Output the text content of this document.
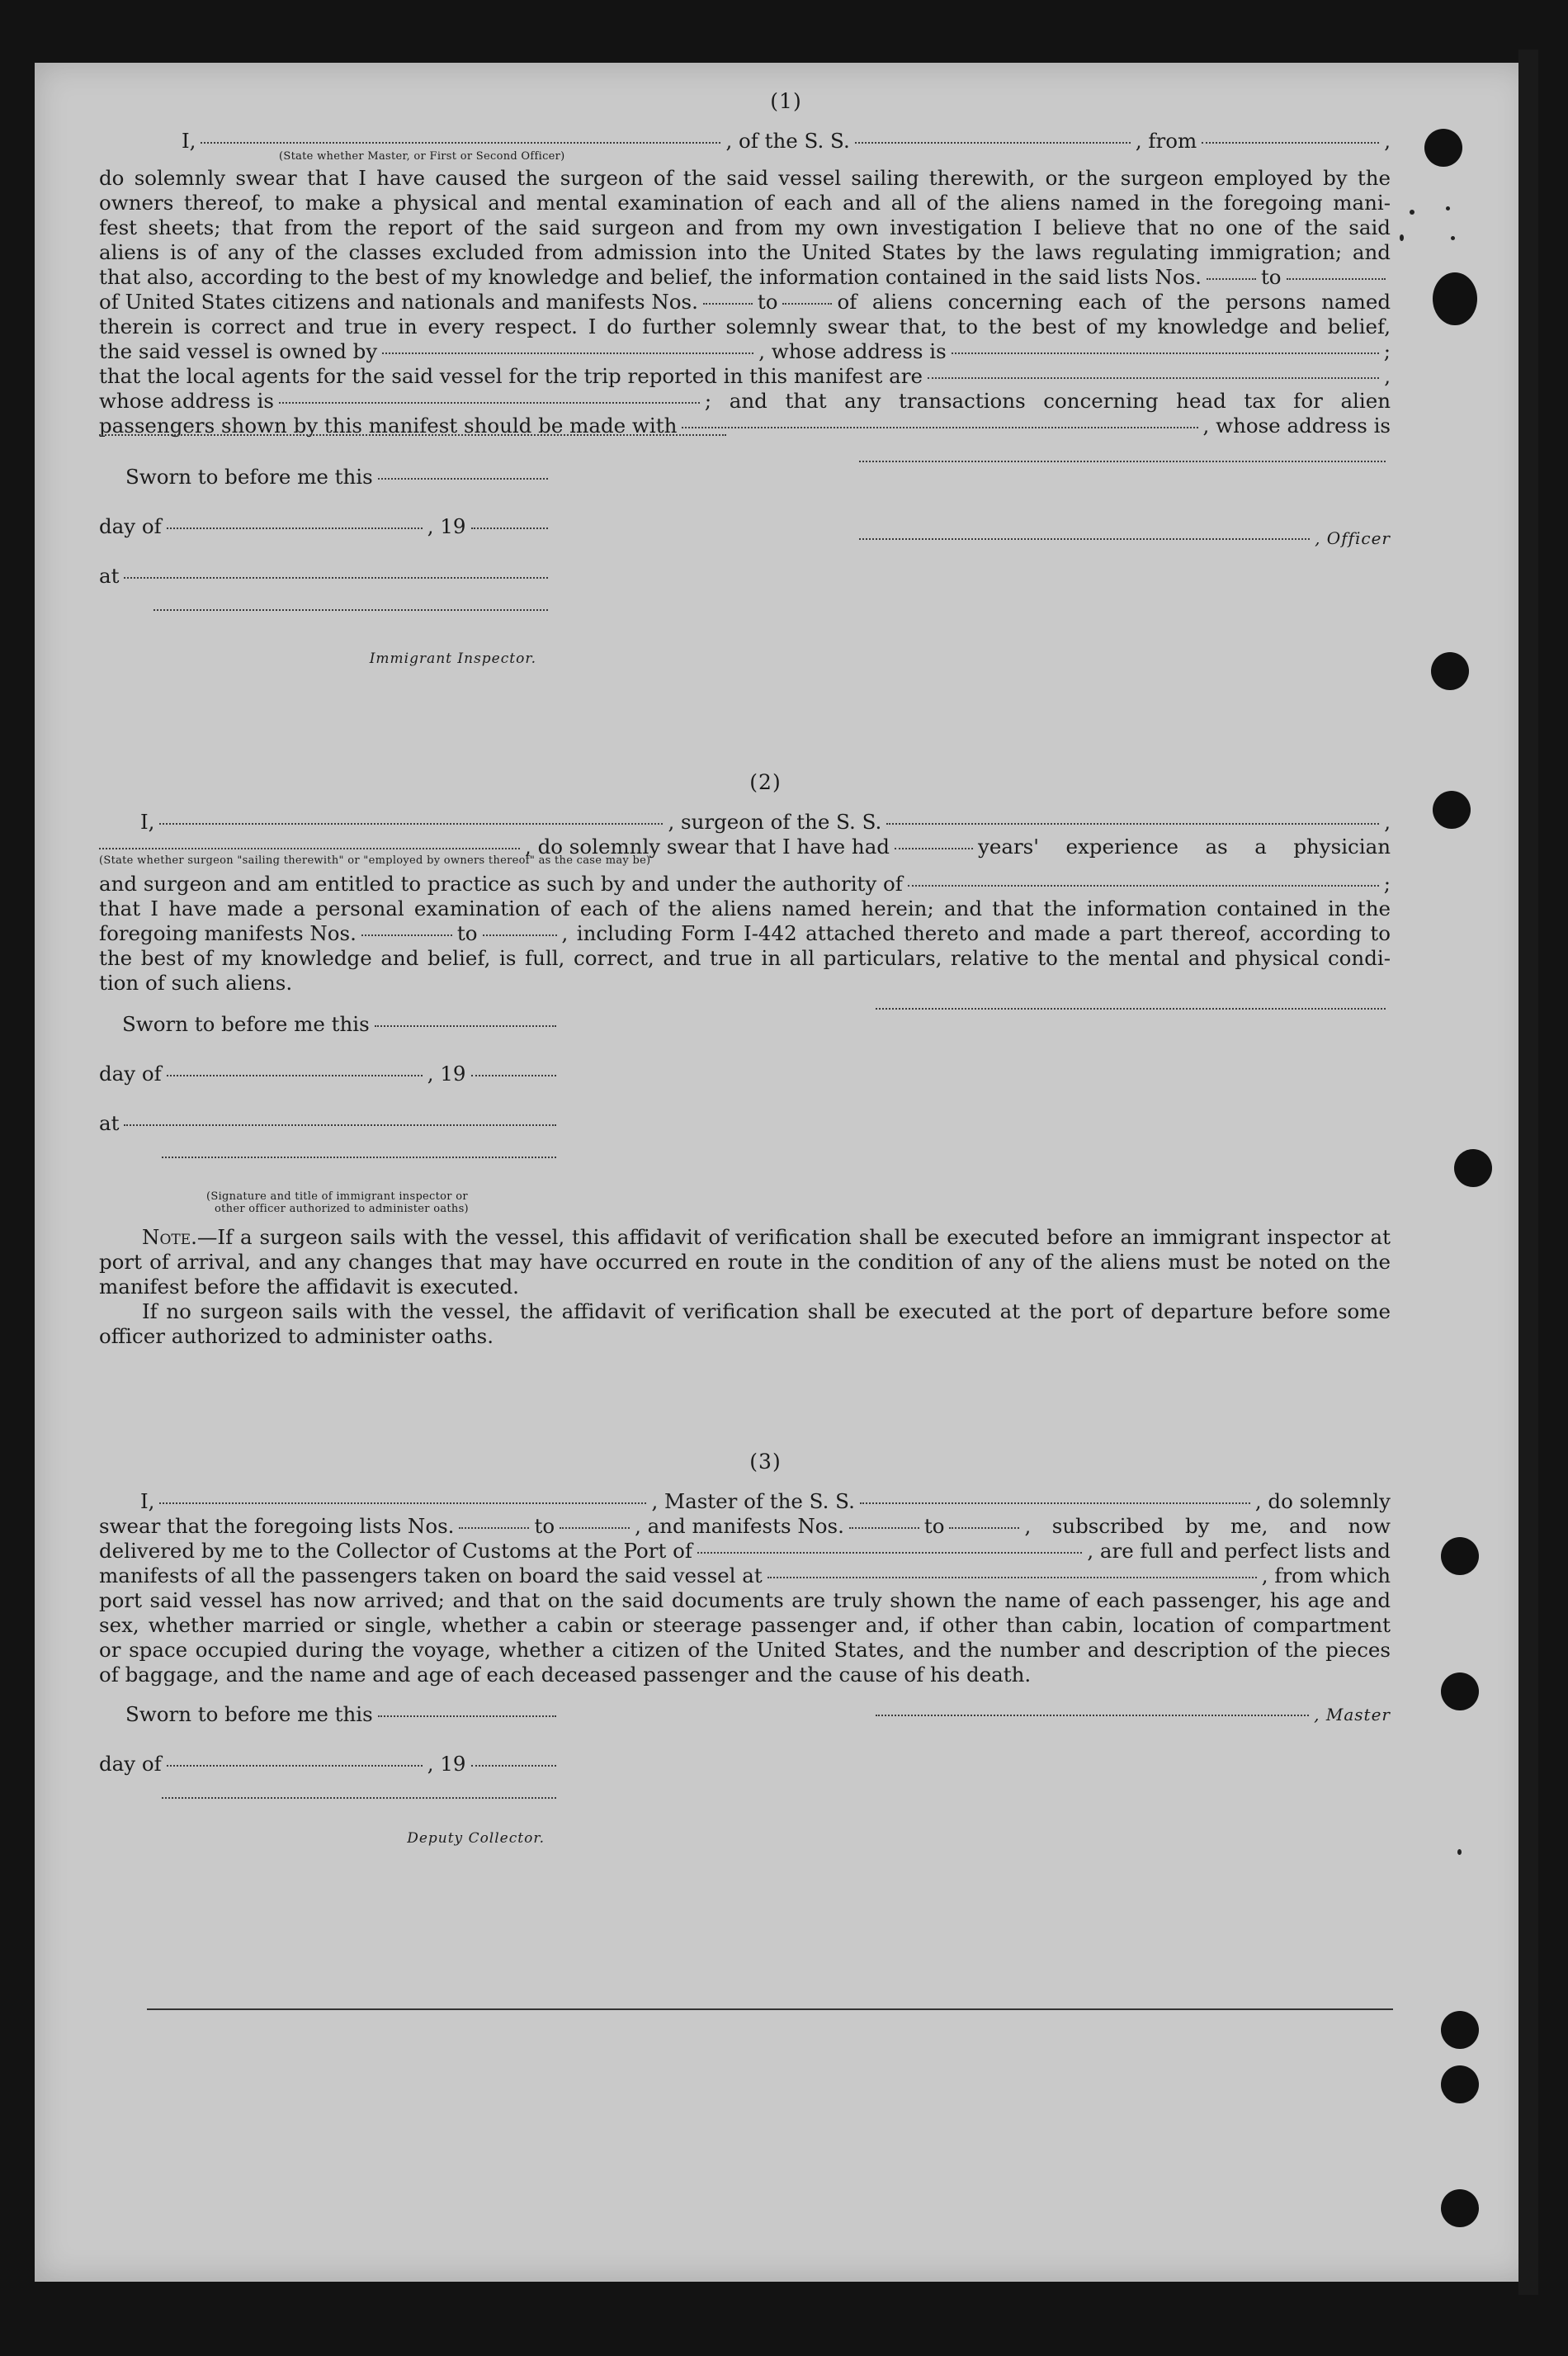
(1)
I,	, of the S. S.	, from	,
(State whether Master, or First or Second Officer)
do solemnly swear that I have caused the surgeon of the said vessel sailing therewith, or the surgeon employed by the
owners thereof, to make a physical and mental examination of each and all of the aliens named in the foregoing mani-
fest sheets; that from the report of the said surgeon and from my own investigation I believe that no one of the said
aliens is of any of the classes excluded from admission into the United States by the laws regulating immigration; and
that also, according to the best of my knowledge and belief, the information contained in the said lists Nos.	to
of United States citizens and nationals and manifests Nos.	to	of aliens concerning each of the persons named
therein is correct and true in every respect. I do further solemnly swear that, to the best of my knowledge and belief,
the said vessel is owned by	, whose address is	;
that the local agents for the said vessel for the trip reported in this manifest are	,
whose address is	; and that any transactions concerning head tax for alien
passengers shown by this manifest should be made with	, whose address is
Sworn to before me this
day of	, 19
at
Immigrant Inspector.
, Officer
(2)
I,	, surgeon of the S. S.	,
, do solemnly swear that I have had	years' experience as a physician
(State whether surgeon "sailing therewith" or "employed by owners thereof" as the case may be)
and surgeon and am entitled to practice as such by and under the authority of	;
that I have made a personal examination of each of the aliens named herein; and that the information contained in the
foregoing manifests Nos.	to	, including Form I-442 attached thereto and made a part thereof, according to
the best of my knowledge and belief, is full, correct, and true in all particulars, relative to the mental and physical condi-
tion of such aliens.
Sworn to before me this
day of	, 19
at
(Signature and title of immigrant inspector or
other officer authorized to administer oaths)
Note.—If a surgeon sails with the vessel, this affidavit of verification shall be executed before an immigrant inspector at port of arrival, and any changes that may have occurred en route in the condition of any of the aliens must be noted on the manifest before the affidavit is executed.
If no surgeon sails with the vessel, the affidavit of verification shall be executed at the port of departure before some officer authorized to administer oaths.
(3)
I,	, Master of the S. S.	, do solemnly
swear that the foregoing lists Nos.	to	, and manifests Nos.	to	, subscribed by me, and now
delivered by me to the Collector of Customs at the Port of	, are full and perfect lists and
manifests of all the passengers taken on board the said vessel at	, from which
port said vessel has now arrived; and that on the said documents are truly shown the name of each passenger, his age and
sex, whether married or single, whether a cabin or steerage passenger and, if other than cabin, location of compartment
or space occupied during the voyage, whether a citizen of the United States, and the number and description of the pieces
of baggage, and the name and age of each deceased passenger and the cause of his death.
Sworn to before me this
day of	, 19
Deputy Collector.
, Master
